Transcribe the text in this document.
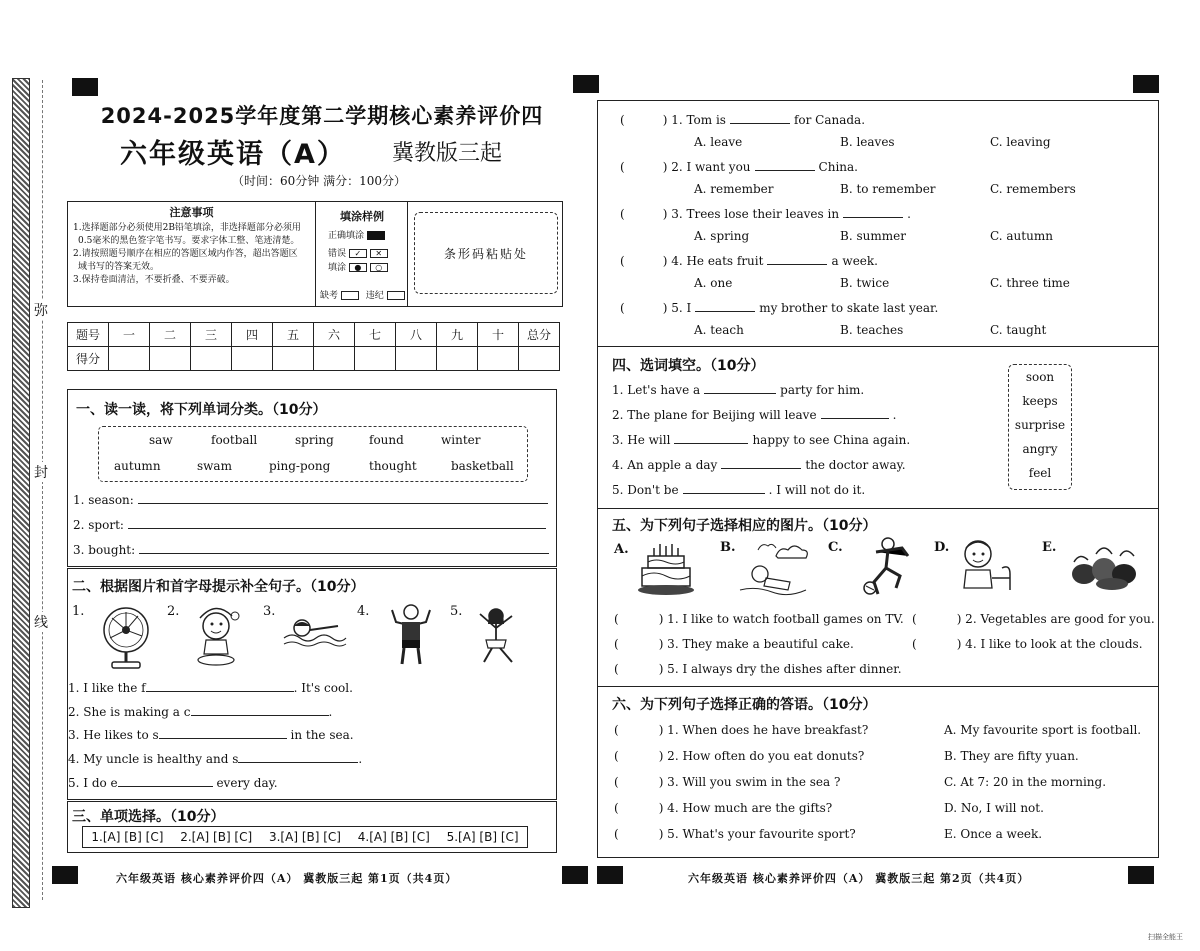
弥
封
线
2024-2025学年度第二学期核心素养评价四
六年级英语（A） 冀教版三起
（时间：60分钟 满分：100分）
注意事项
1.选择题部分必须使用2B铅笔填涂，非选择题部分必须用
0.5毫米的黑色签字笔书写。要求字体工整、笔迹清楚。
2.请按照题号顺序在相应的答题区域内作答，超出答题区
域书写的答案无效。
3.保持卷面清洁，不要折叠、不要弄破。
填涂样例
正确填涂
错误 ✓ ✕
填涂 ● ○
缺考	违纪
条形码粘贴处
题号	一	二	三	四	五	六	七	八	九	十	总分
得分											
一、读一读，将下列单词分类。（10分）
saw	football	spring	found	winter
autumn	swam	ping-pong	thought	basketball
1. season:
2. sport:
3. bought:
二、根据图片和首字母提示补全句子。（10分）
1.	2.	3.	4.	5.
1. I like the f	. It's cool.
2. She is making a c	.
3. He likes to s	in the sea.
4. My uncle is healthy and s	.
5. I do e	every day.
三、单项选择。（10分）
1.[A] [B] [C] 2.[A] [B] [C] 3.[A] [B] [C] 4.[A] [B] [C] 5.[A] [B] [C]
六年级英语 核心素养评价四（A） 冀教版三起 第1页（共4页）
(	) 1. Tom is	for Canada.
A. leave	B. leaves	C. leaving
(	) 2. I want you	China.
A. remember	B. to remember	C. remembers
(	) 3. Trees lose their leaves in	.
A. spring	B. summer	C. autumn
(	) 4. He eats fruit	a week.
A. one	B. twice	C. three time
(	) 5. I	my brother to skate last year.
A. teach	B. teaches	C. taught
四、选词填空。（10分）
1. Let's have a	party for him.
2. The plane for Beijing will leave	.
3. He will	happy to see China again.
4. An apple a day	the doctor away.
5. Don't be	. I will not do it.
soon
keeps
surprise
angry
feel
五、为下列句子选择相应的图片。（10分）
A.	B.	C.	D.	E.
(	) 1. I like to watch football games on TV. (	) 2. Vegetables are good for you.
(	) 3. They make a beautiful cake.	(	) 4. I like to look at the clouds.
(	) 5. I always dry the dishes after dinner.
六、为下列句子选择正确的答语。（10分）
(	) 1. When does he have breakfast?	A. My favourite sport is football.
(	) 2. How often do you eat donuts?	B. They are fifty yuan.
(	) 3. Will you swim in the sea ?	C. At 7: 20 in the morning.
(	) 4. How much are the gifts?	D. No, I will not.
(	) 5. What's your favourite sport?	E. Once a week.
六年级英语 核心素养评价四（A） 冀教版三起 第2页（共4页）
扫描全能王
